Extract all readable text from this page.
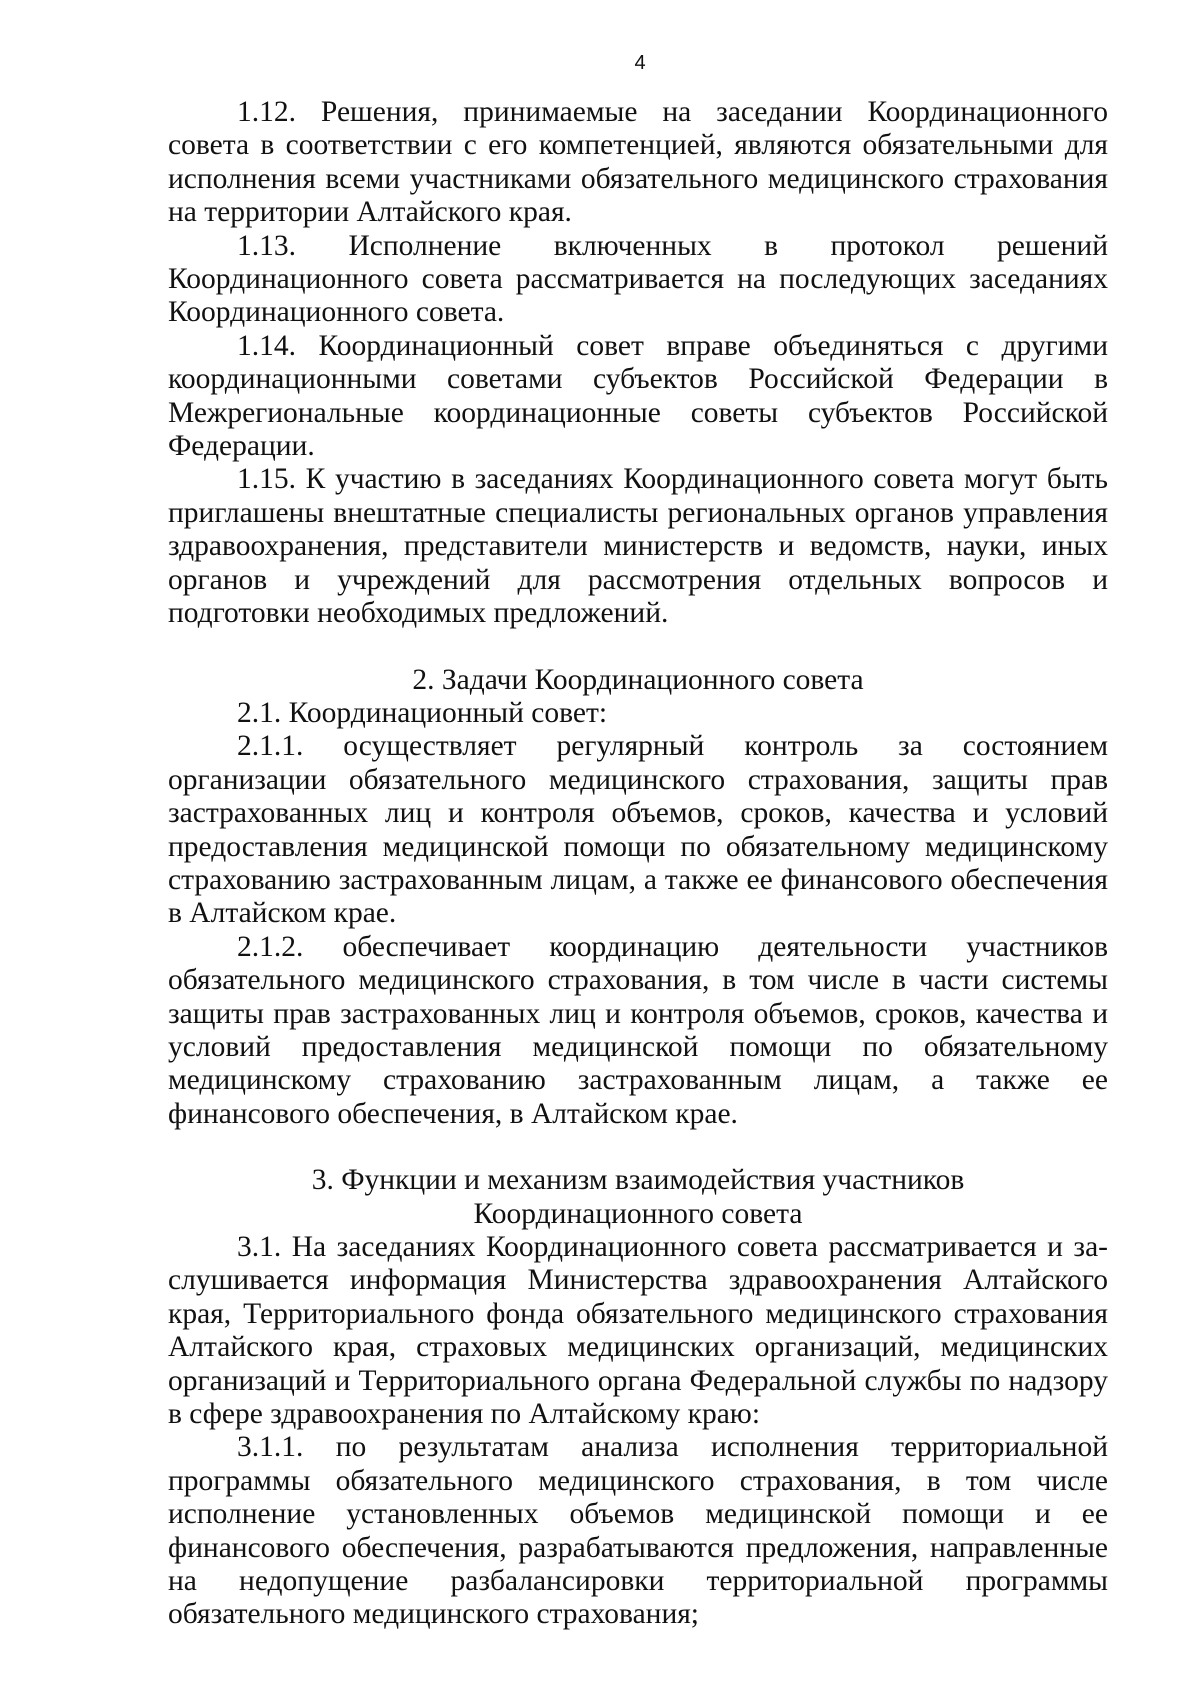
4

1.12. Решения, принимаемые на заседании Координационного совета в соответствии с его компетенцией, являются обязательными для исполнения всеми участниками обязательного медицинского страхования на территории Алтайского края.

1.13. Исполнение включенных в протокол решений Координационного совета рассматривается на последующих заседаниях Координационного совета.

1.14. Координационный совет вправе объединяться с другими координационными советами субъектов Российской Федерации в Межрегиональные координационные советы субъектов Российской Федерации.

1.15. К участию в заседаниях Координационного совета могут быть приглашены внештатные специалисты региональных органов управления здравоохранения, представители министерств и ведомств, науки, иных органов и учреждений для рассмотрения отдельных вопросов и подготовки необходимых предложений.

2. Задачи Координационного совета

2.1. Координационный совет:

2.1.1. осуществляет регулярный контроль за состоянием организации обязательного медицинского страхования, защиты прав застрахованных лиц и контроля объемов, сроков, качества и условий предоставления медицинской помощи по обязательному медицинскому страхованию застрахованным лицам, а также ее финансового обеспечения в Алтайском крае.

2.1.2. обеспечивает координацию деятельности участников обязательного медицинского страхования, в том числе в части системы защиты прав застрахованных лиц и контроля объемов, сроков, качества и условий предоставления медицинской помощи по обязательному медицинскому страхованию застрахованным лицам, а также ее финансового обеспечения, в Алтайском крае.

3. Функции и механизм взаимодействия участников

Координационного совета

3.1. На заседаниях Координационного совета рассматривается и заслушивается информация Министерства здравоохранения Алтайского края, Территориального фонда обязательного медицинского страхования Алтайского края, страховых медицинских организаций, медицинских организаций и Территориального органа Федеральной службы по надзору в сфере здравоохранения по Алтайскому краю:

3.1.1. по результатам анализа исполнения территориальной программы обязательного медицинского страхования, в том числе исполнение установленных объемов медицинской помощи и ее финансового обеспечения, разрабатываются предложения, направленные на недопущение разбалансировки территориальной программы обязательного медицинского страхования;
